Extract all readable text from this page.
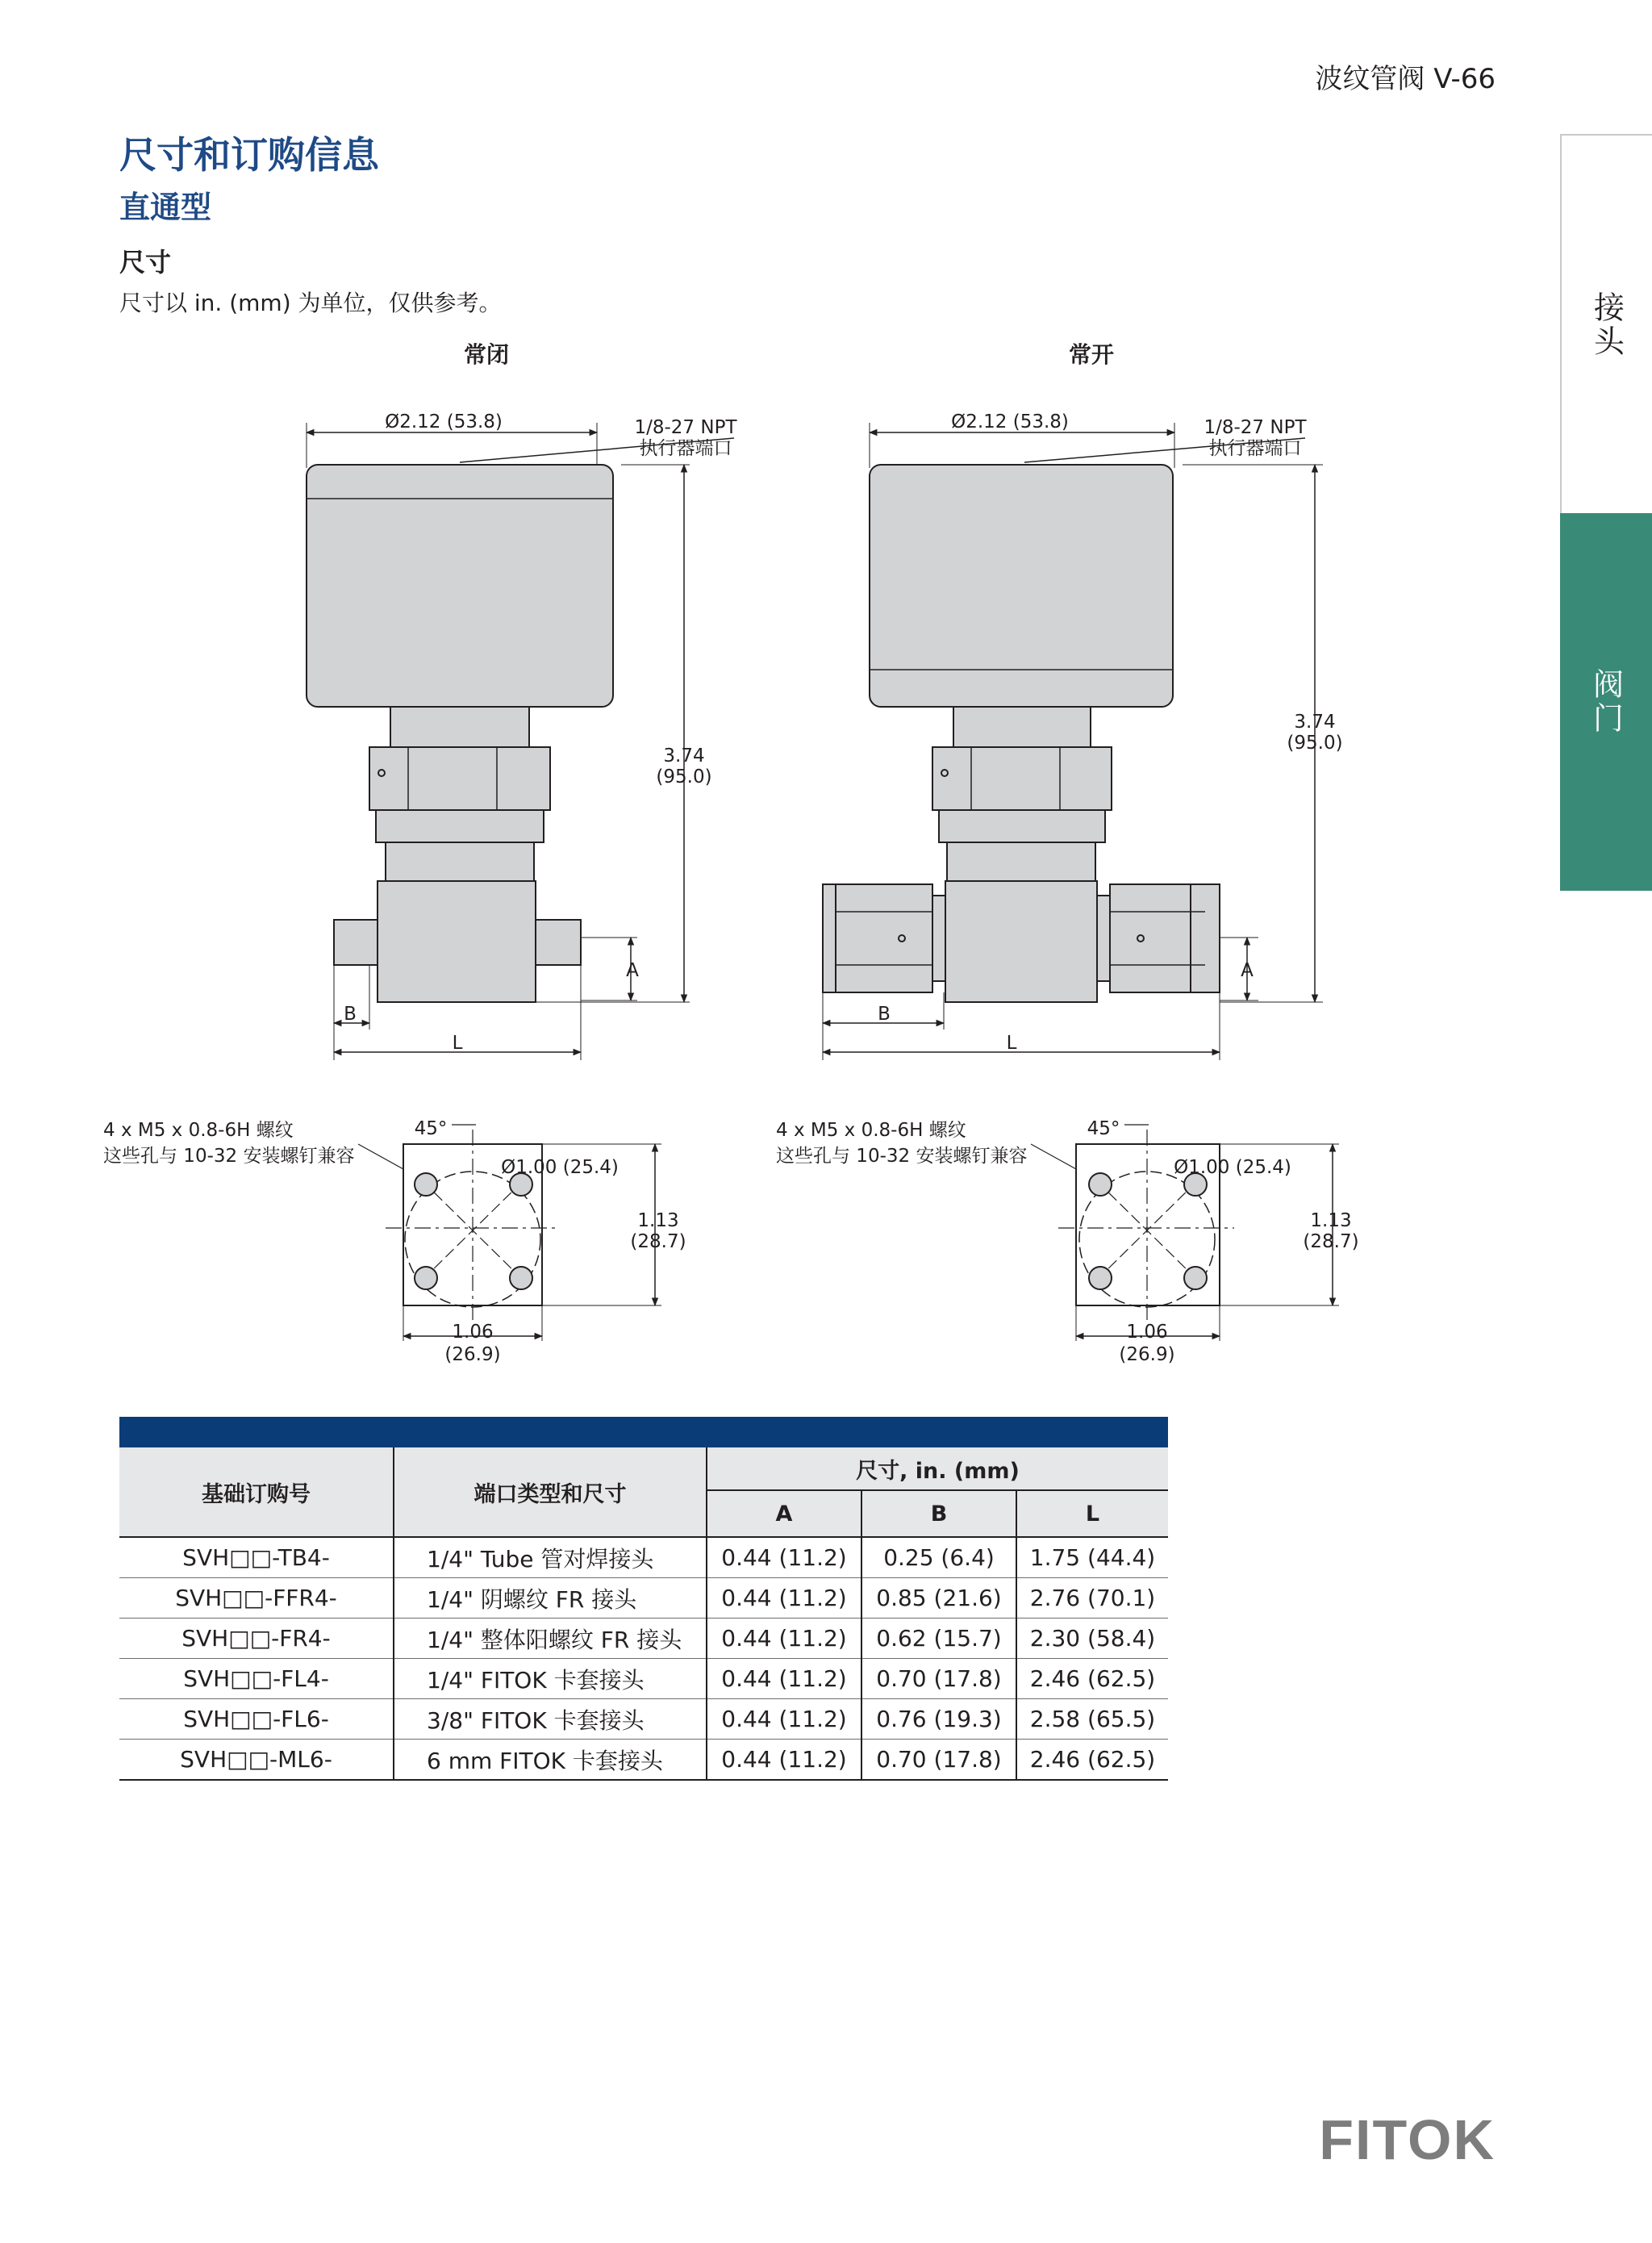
波纹管阀 V-66
接头
阀门
尺寸和订购信息
直通型
尺寸
尺寸以 in. (mm) 为单位，仅供参考。
常闭
Ø2.12 (53.8)	1/8-27 NPT
执行器端口
3.74
(95.0)
A
B
L
常开
Ø2.12 (53.8)	1/8-27 NPT
执行器端口
3.74
(95.0)
A
B
L
4 x M5 x 0.8-6H 螺纹
这些孔与 10-32 安装螺钉兼容
45°
Ø1.00 (25.4)
1.13
(28.7)
1.06
(26.9)
4 x M5 x 0.8-6H 螺纹
这些孔与 10-32 安装螺钉兼容
45°
Ø1.00 (25.4)
1.13
(28.7)
1.06
(26.9)
基础订购号	端口类型和尺寸	尺寸, in. (mm)		
		A	B	L
SVH□□-TB4-	1/4" Tube 管对焊接头	0.44 (11.2)	0.25 (6.4)	1.75 (44.4)
SVH□□-FFR4-	1/4" 阴螺纹 FR 接头	0.44 (11.2)	0.85 (21.6)	2.76 (70.1)
SVH□□-FR4-	1/4" 整体阳螺纹 FR 接头	0.44 (11.2)	0.62 (15.7)	2.30 (58.4)
SVH□□-FL4-	1/4" FITOK 卡套接头	0.44 (11.2)	0.70 (17.8)	2.46 (62.5)
SVH□□-FL6-	3/8" FITOK 卡套接头	0.44 (11.2)	0.76 (19.3)	2.58 (65.5)
SVH□□-ML6-	6 mm FITOK 卡套接头	0.44 (11.2)	0.70 (17.8)	2.46 (62.5)
FITOK
